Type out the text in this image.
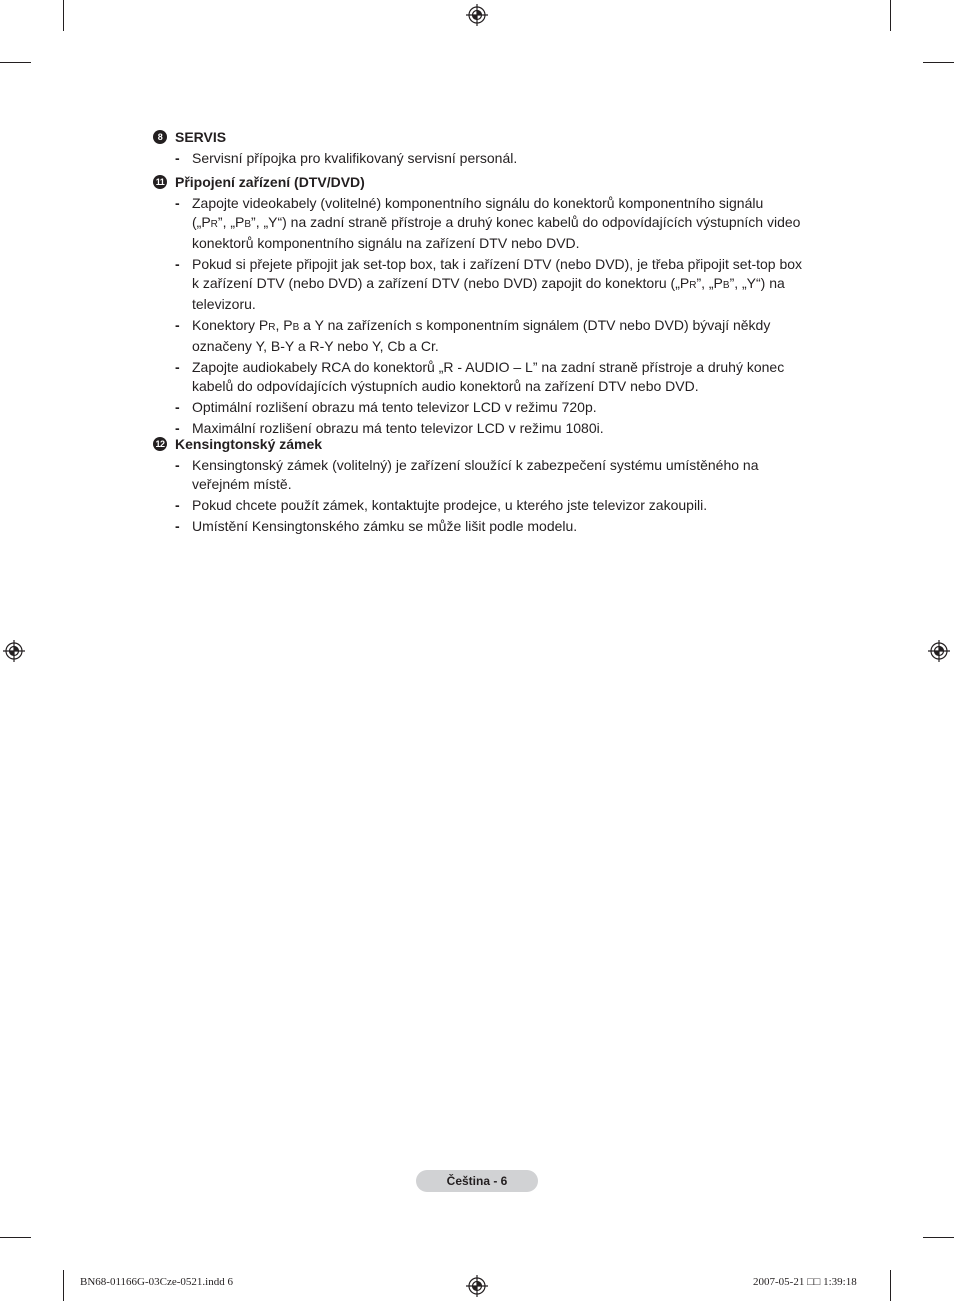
8 SERVIS
- Servisní přípojka pro kvalifikovaný servisní personál.
11 Připojení zařízení (DTV/DVD)
- Zapojte videokabely (volitelné) komponentního signálu do konektorů komponentního signálu
(„PR”, „PB”, „Y“) na zadní straně přístroje a druhý konec kabelů do odpovídajících výstupních video
konektorů komponentního signálu na zařízení DTV nebo DVD.
- Pokud si přejete připojit jak set-top box, tak i zařízení DTV (nebo DVD), je třeba připojit set-top box
k zařízení DTV (nebo DVD) a zařízení DTV (nebo DVD) zapojit do konektoru („PR”, „PB”, „Y“) na
televizoru.
- Konektory PR, PB a Y na zařízeních s komponentním signálem (DTV nebo DVD) bývají někdy
označeny Y, B-Y a R-Y nebo Y, Cb a Cr.
- Zapojte audiokabely RCA do konektorů „R - AUDIO – L” na zadní straně přístroje a druhý konec
kabelů do odpovídajících výstupních audio konektorů na zařízení DTV nebo DVD.
- Optimální rozlišení obrazu má tento televizor LCD v režimu 720p.
- Maximální rozlišení obrazu má tento televizor LCD v režimu 1080i.
12 Kensingtonský zámek
- Kensingtonský zámek (volitelný) je zařízení sloužící k zabezpečení systému umístěného na
veřejném místě.
- Pokud chcete použít zámek, kontaktujte prodejce, u kterého jste televizor zakoupili.
- Umístění Kensingtonského zámku se může lišit podle modelu.
Čeština - 6
BN68-01166G-03Cze-0521.indd 6	2007-05-21 □□ 1:39:18
